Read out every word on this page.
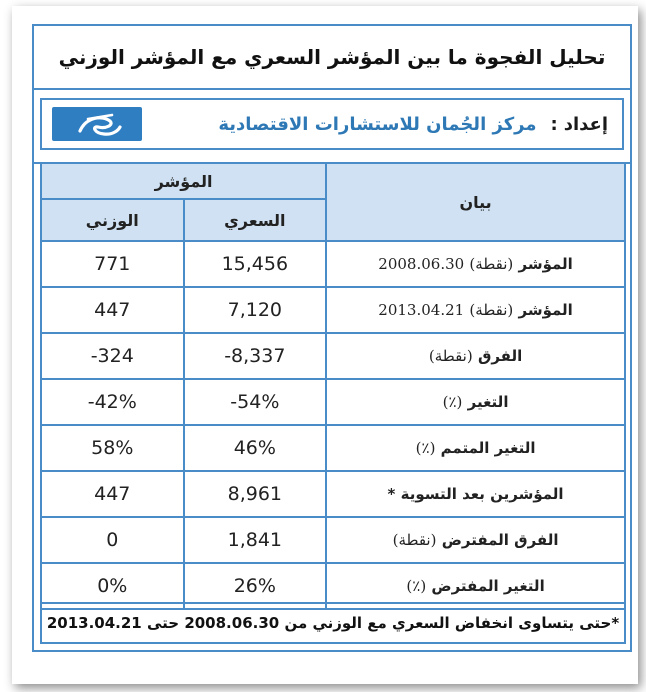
تحليل الفجوة ما بين المؤشر السعري مع المؤشر الوزني
إعداد
:
مركز الجُمان للاستشارات الاقتصادية
المؤشر		بيان
الوزني	السعري	
771	15,456	المؤشر (نقطة) 2008.06.30
447	7,120	المؤشر (نقطة) 2013.04.21
-324	-8,337	الفرق (نقطة)
-42%	-54%	التغير (٪)
58%	46%	التغير المتمم (٪)
447	8,961	المؤشرين بعد التسوية *
0	1,841	الفرق المفترض (نقطة)
0%	26%	التغير المفترض (٪)
*حتى يتساوى انخفاض السعري مع الوزني من 2008.06.30 حتى 2013.04.21
